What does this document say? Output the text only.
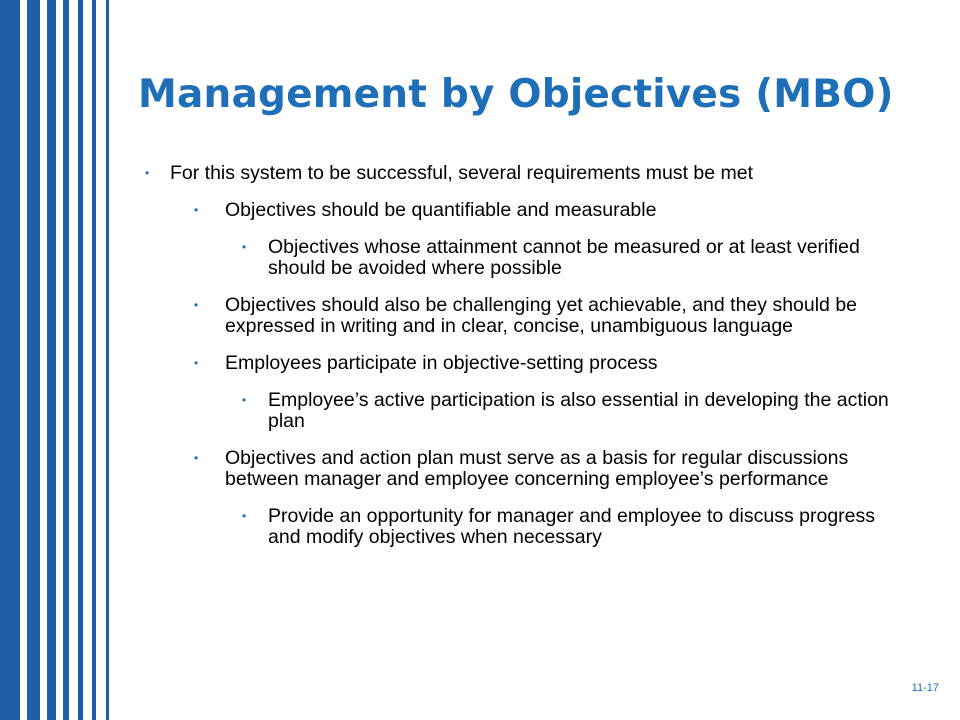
Management by Objectives (MBO)
• For this system to be successful, several requirements must be met
• Objectives should be quantifiable and measurable
• Objectives whose attainment cannot be measured or at least verified should be avoided where possible
• Objectives should also be challenging yet achievable, and they should be expressed in writing and in clear, concise, unambiguous language
• Employees participate in objective-setting process
• Employee’s active participation is also essential in developing the action plan
• Objectives and action plan must serve as a basis for regular discussions between manager and employee concerning employee’s performance
• Provide an opportunity for manager and employee to discuss progress and modify objectives when necessary
11-17
